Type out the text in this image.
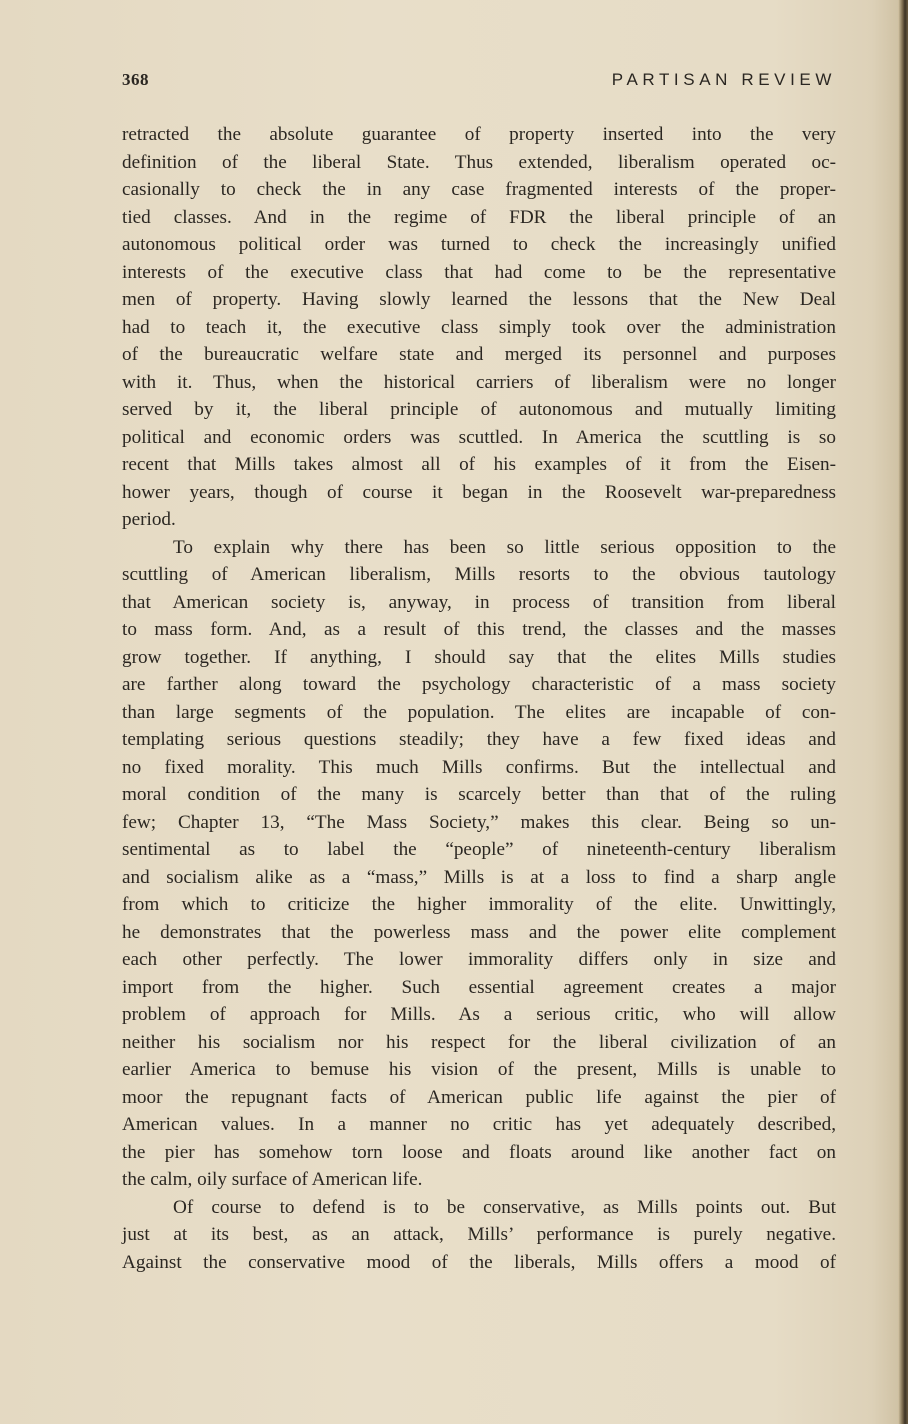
368	PARTISAN REVIEW
retracted the absolute guarantee of property inserted into the very
definition of the liberal State. Thus extended, liberalism operated oc-
casionally to check the in any case fragmented interests of the proper-
tied classes. And in the regime of FDR the liberal principle of an
autonomous political order was turned to check the increasingly unified
interests of the executive class that had come to be the representative
men of property. Having slowly learned the lessons that the New Deal
had to teach it, the executive class simply took over the administration
of the bureaucratic welfare state and merged its personnel and purposes
with it. Thus, when the historical carriers of liberalism were no longer
served by it, the liberal principle of autonomous and mutually limiting
political and economic orders was scuttled. In America the scuttling is so
recent that Mills takes almost all of his examples of it from the Eisen-
hower years, though of course it began in the Roosevelt war-preparedness
period.
To explain why there has been so little serious opposition to the
scuttling of American liberalism, Mills resorts to the obvious tautology
that American society is, anyway, in process of transition from liberal
to mass form. And, as a result of this trend, the classes and the masses
grow together. If anything, I should say that the elites Mills studies
are farther along toward the psychology characteristic of a mass society
than large segments of the population. The elites are incapable of con-
templating serious questions steadily; they have a few fixed ideas and
no fixed morality. This much Mills confirms. But the intellectual and
moral condition of the many is scarcely better than that of the ruling
few; Chapter 13, “The Mass Society,” makes this clear. Being so un-
sentimental as to label the “people” of nineteenth-century liberalism
and socialism alike as a “mass,” Mills is at a loss to find a sharp angle
from which to criticize the higher immorality of the elite. Unwittingly,
he demonstrates that the powerless mass and the power elite complement
each other perfectly. The lower immorality differs only in size and
import from the higher. Such essential agreement creates a major
problem of approach for Mills. As a serious critic, who will allow
neither his socialism nor his respect for the liberal civilization of an
earlier America to bemuse his vision of the present, Mills is unable to
moor the repugnant facts of American public life against the pier of
American values. In a manner no critic has yet adequately described,
the pier has somehow torn loose and floats around like another fact on
the calm, oily surface of American life.
Of course to defend is to be conservative, as Mills points out. But
just at its best, as an attack, Mills’ performance is purely negative.
Against the conservative mood of the liberals, Mills offers a mood of
